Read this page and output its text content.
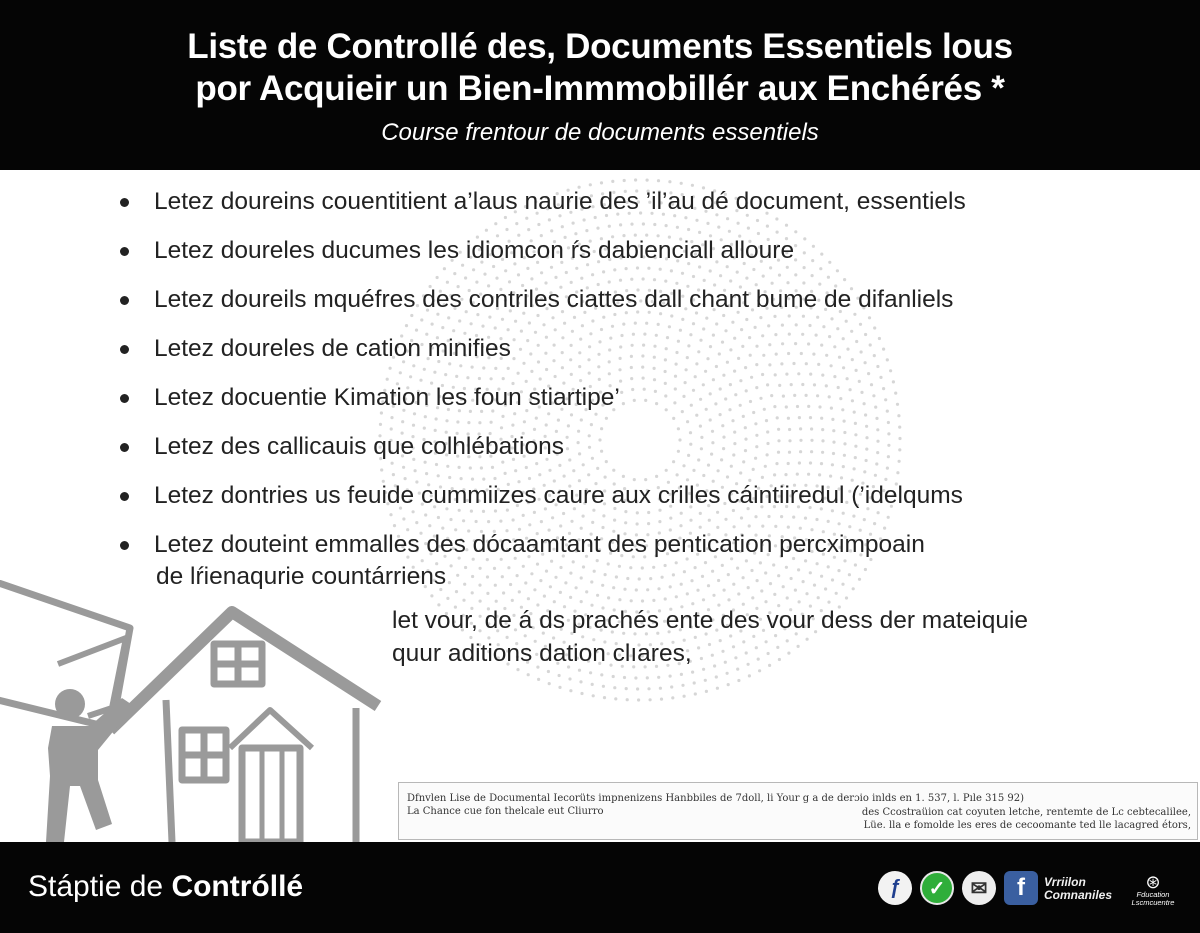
Liste de Controllé des, Documents Essentiels lous
por Acquieir un Bien-Immmobillér aux Enchérés *
Course frentour de documents essentiels
Letez doureins couentitient a’laus naurie des ’il’au dé document, essentiels
Letez doureles ducumes les idiomcon ŕs dabienciall alloure
Letez doureils mquéfres des contriles ciattes dall chant bume de difanliels
Letez doureles de cation minifies
Letez docuentie Kimation les foun stiartipe’
Letez des callicauis que colhlébations
Letez dontries us feuide cummiizes caure aux crilles cáintiiredul (’idelqums
Letez douteint emmalles des dócaamtant des pentication percximpoain
de lŕienaqurie countárriens
let vour, de á ds prachés ente des vour dess der mateiquie
quur aditions dation clıares,
Dfnvlen Lise de Documental Iecorüts impnenizens Hanbbiles de 7doll, li Your g a de derɔio inlds en 1. 537, l. Pıle 315 92)
La Chance cue fon thelcale eut Cliurro	des Ccostraüion cat coyuten letche, rentemte de Lc cebtecalilee,
Lüe. lla e fomolde les eres de cecoomante ted lle lacagred étors,
Stáptie de Contróllé	ƒ	✓	✉	f	Vrriilon
Comnaniles
⊛
Fducation
Lscmcuentre
